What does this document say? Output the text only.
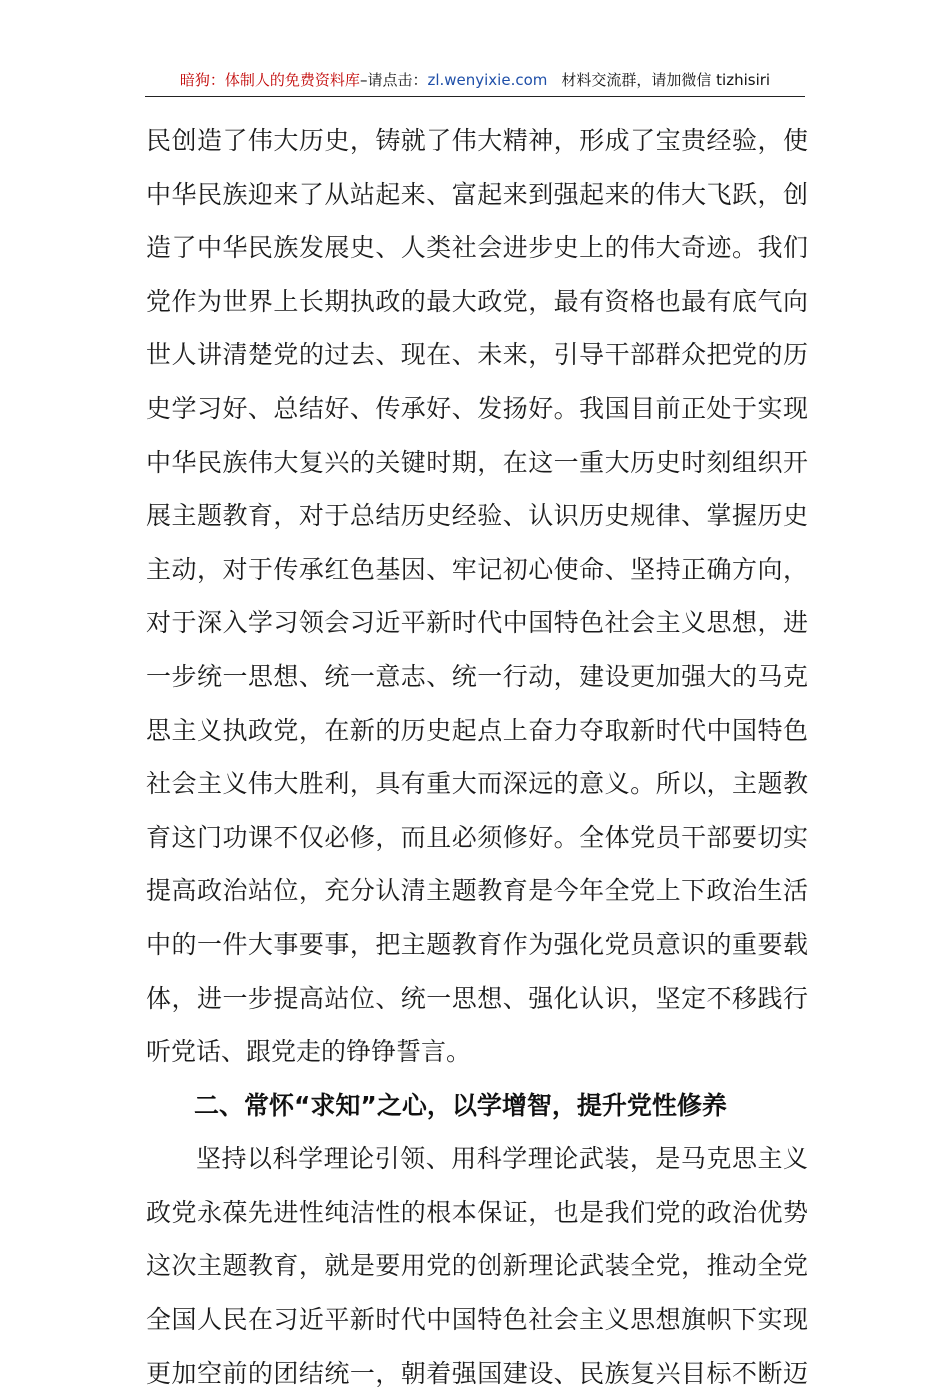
暗狗：体制人的免费资料库–请点击：zl.wenyixie.com 材料交流群，请加微信 tizhisiri
民创造了伟大历史，铸就了伟大精神，形成了宝贵经验，使
中华民族迎来了从站起来、富起来到强起来的伟大飞跃，创
造了中华民族发展史、人类社会进步史上的伟大奇迹。我们
党作为世界上长期执政的最大政党，最有资格也最有底气向
世人讲清楚党的过去、现在、未来，引导干部群众把党的历
史学习好、总结好、传承好、发扬好。我国目前正处于实现
中华民族伟大复兴的关键时期，在这一重大历史时刻组织开
展主题教育，对于总结历史经验、认识历史规律、掌握历史
主动，对于传承红色基因、牢记初心使命、坚持正确方向，
对于深入学习领会习近平新时代中国特色社会主义思想，进
一步统一思想、统一意志、统一行动，建设更加强大的马克
思主义执政党，在新的历史起点上奋力夺取新时代中国特色
社会主义伟大胜利，具有重大而深远的意义。所以，主题教
育这门功课不仅必修，而且必须修好。全体党员干部要切实
提高政治站位，充分认清主题教育是今年全党上下政治生活
中的一件大事要事，把主题教育作为强化党员意识的重要载
体，进一步提高站位、统一思想、强化认识，坚定不移践行
听党话、跟党走的铮铮誓言。
二、常怀“求知”之心，以学增智，提升党性修养
坚持以科学理论引领、用科学理论武装，是马克思主义
政党永葆先进性纯洁性的根本保证，也是我们党的政治优势
这次主题教育，就是要用党的创新理论武装全党，推动全党
全国人民在习近平新时代中国特色社会主义思想旗帜下实现
更加空前的团结统一，朝着强国建设、民族复兴目标不断迈
